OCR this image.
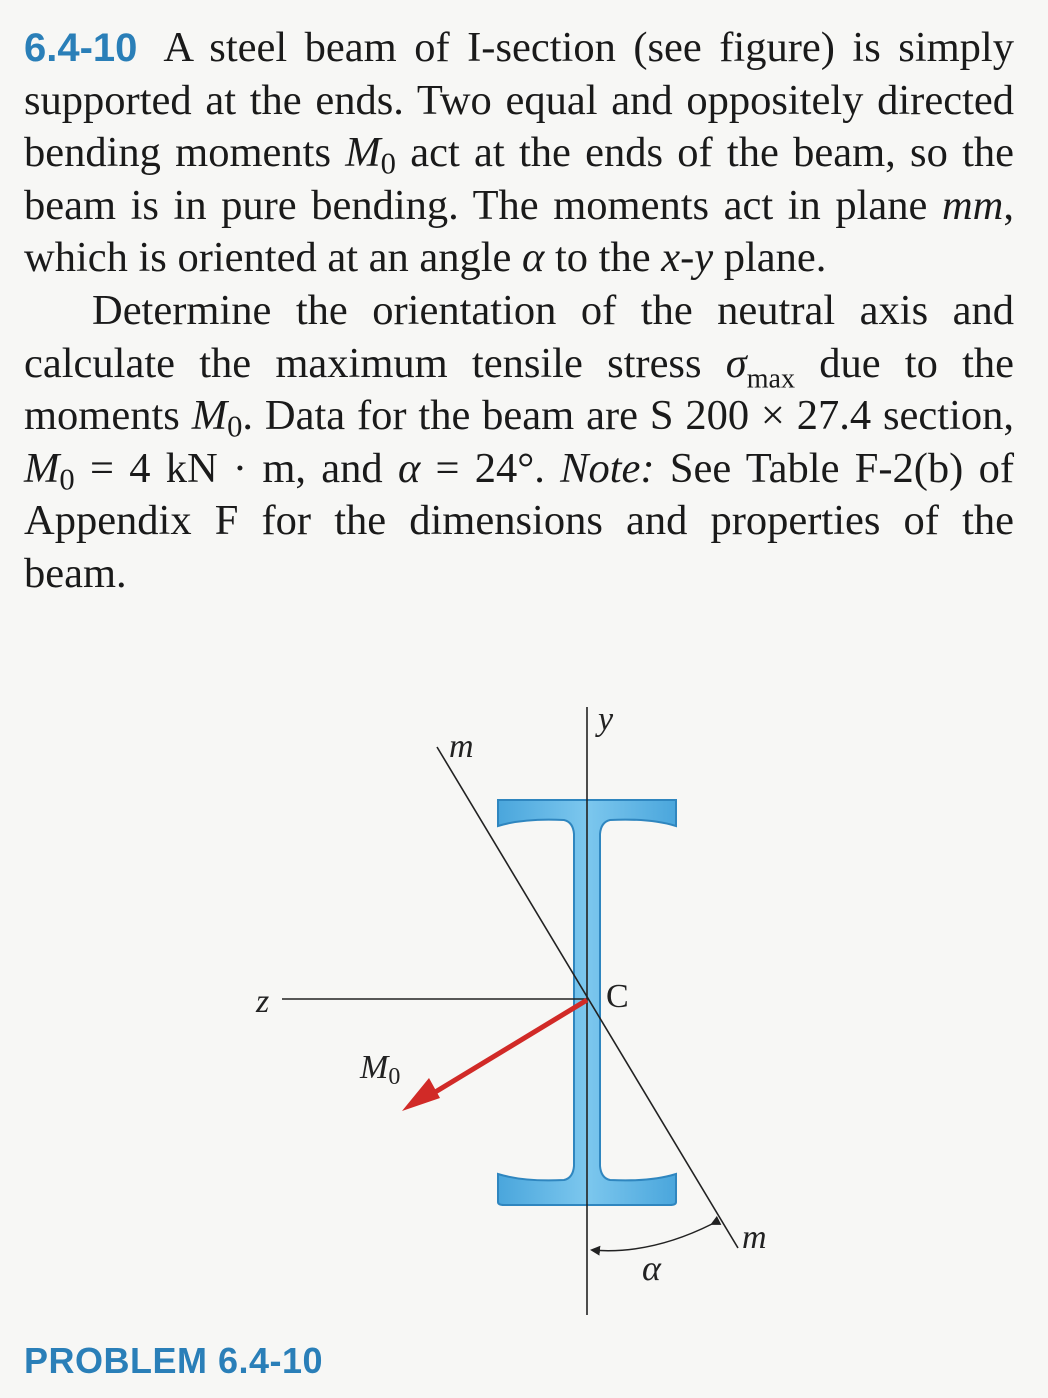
6.4-10 A steel beam of I-section (see figure) is simply supported at the ends. Two equal and oppositely directed bending moments $M_0$ act at the ends of the beam, so the beam is in pure bending. The moments act in plane mm, which is oriented at an angle α to the x-y plane.

Determine the orientation of the neutral axis and calculate the maximum tensile stress $\sigma_{max}$ due to the moments $M_0$. Data for the beam are S 200 × 27.4 section, $M_0 = 4$ kN · m, and α = 24°. Note: See Table F-2(b) of Appendix F for the dimensions and properties of the beam.

y
m
z	C
M0
m
α
PROBLEM 6.4-10
